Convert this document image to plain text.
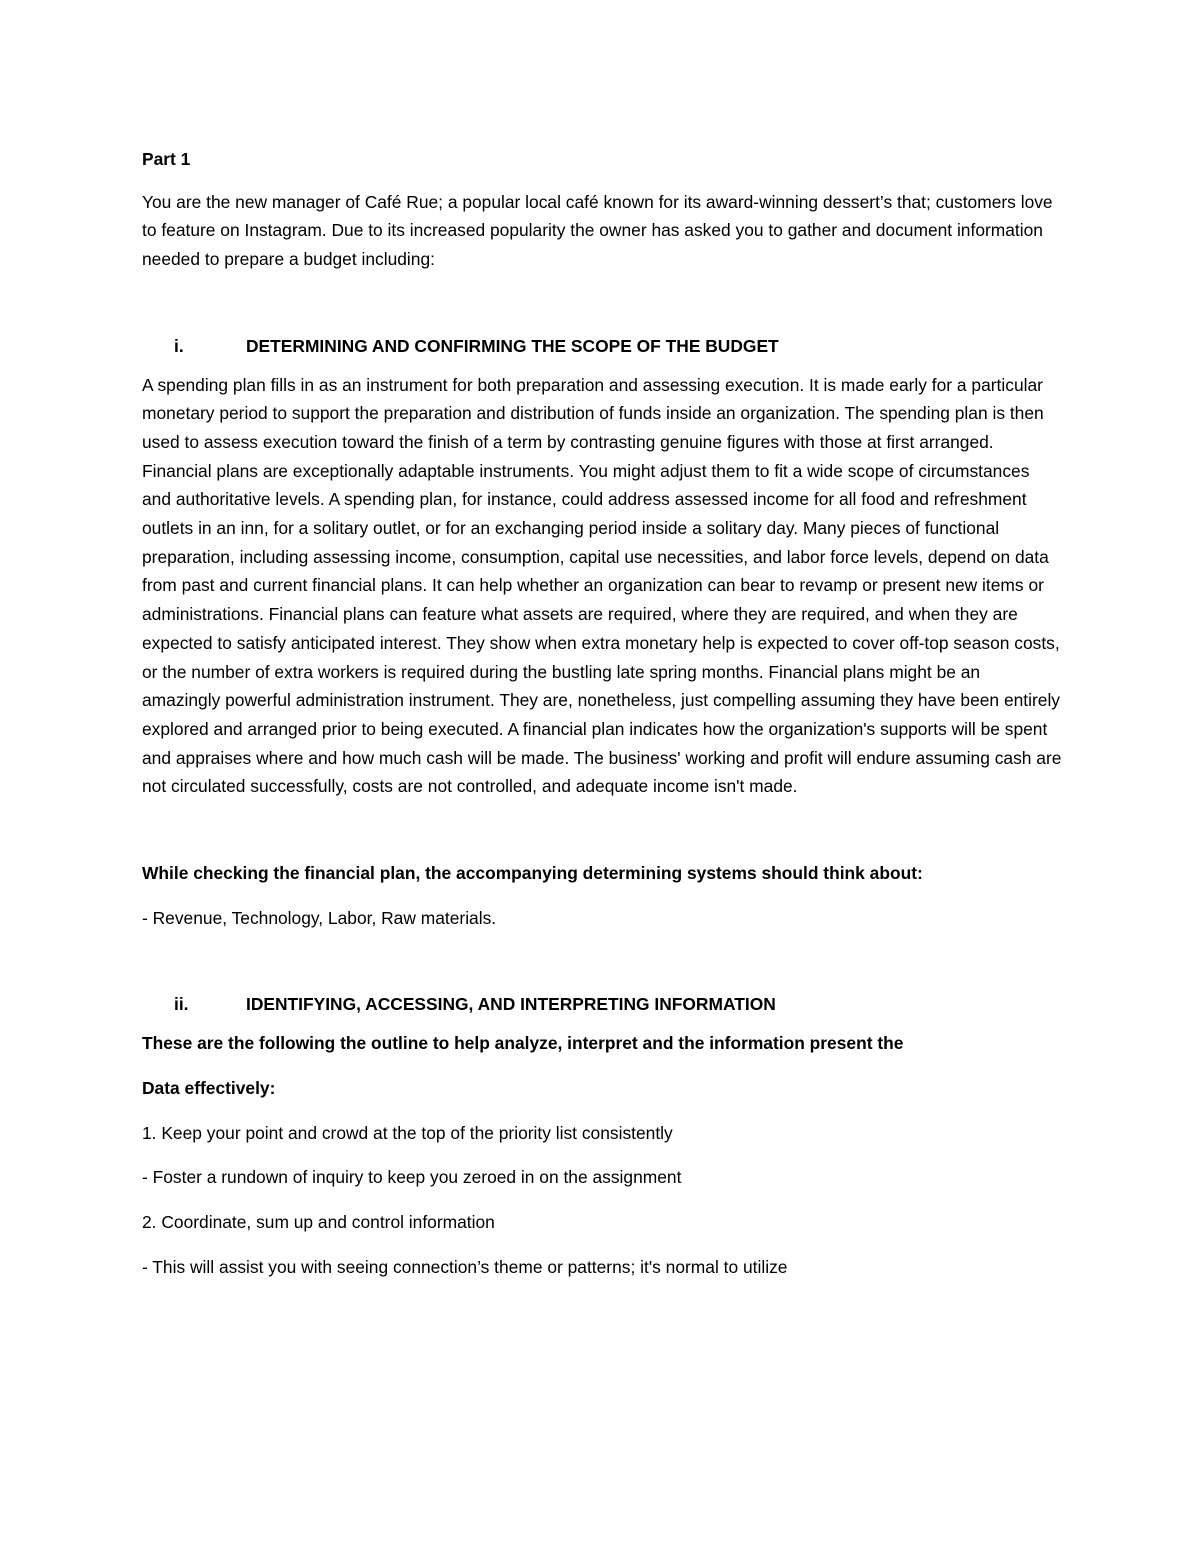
Part 1

You are the new manager of Café Rue; a popular local café known for its award-winning dessert’s that; customers love to feature on Instagram. Due to its increased popularity the owner has asked you to gather and document information needed to prepare a budget including:

i.	DETERMINING AND CONFIRMING THE SCOPE OF THE BUDGET

A spending plan fills in as an instrument for both preparation and assessing execution. It is made early for a particular monetary period to support the preparation and distribution of funds inside an organization. The spending plan is then used to assess execution toward the finish of a term by contrasting genuine figures with those at first arranged. Financial plans are exceptionally adaptable instruments. You might adjust them to fit a wide scope of circumstances and authoritative levels. A spending plan, for instance, could address assessed income for all food and refreshment outlets in an inn, for a solitary outlet, or for an exchanging period inside a solitary day. Many pieces of functional preparation, including assessing income, consumption, capital use necessities, and labor force levels, depend on data from past and current financial plans. It can help whether an organization can bear to revamp or present new items or administrations. Financial plans can feature what assets are required, where they are required, and when they are expected to satisfy anticipated interest. They show when extra monetary help is expected to cover off-top season costs, or the number of extra workers is required during the bustling late spring months. Financial plans might be an amazingly powerful administration instrument. They are, nonetheless, just compelling assuming they have been entirely explored and arranged prior to being executed. A financial plan indicates how the organization's supports will be spent and appraises where and how much cash will be made. The business' working and profit will endure assuming cash are not circulated successfully, costs are not controlled, and adequate income isn't made.

While checking the financial plan, the accompanying determining systems should think about:

- Revenue, Technology, Labor, Raw materials.

ii.	IDENTIFYING, ACCESSING, AND INTERPRETING INFORMATION

These are the following the outline to help analyze, interpret and the information present the

Data effectively:

1. Keep your point and crowd at the top of the priority list consistently

- Foster a rundown of inquiry to keep you zeroed in on the assignment

2. Coordinate, sum up and control information

- This will assist you with seeing connection’s theme or patterns; it's normal to utilize
